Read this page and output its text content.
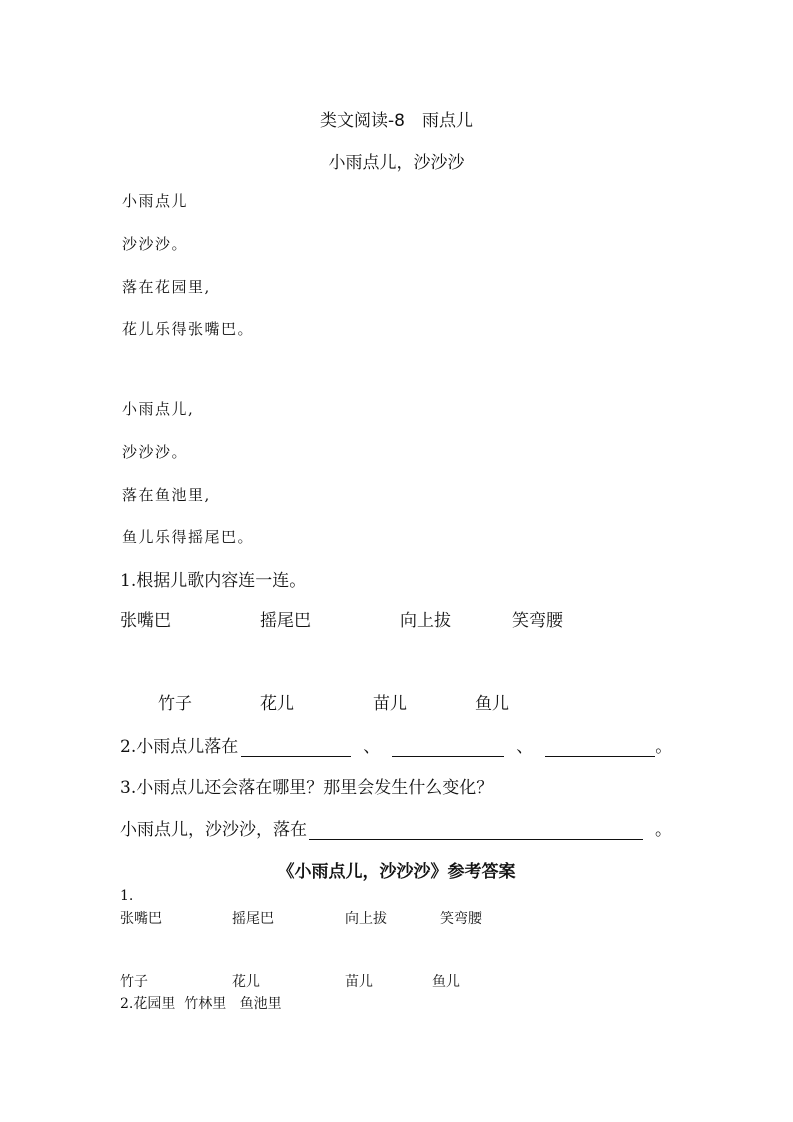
类文阅读-8　雨点儿
小雨点儿，沙沙沙
小雨点儿
沙沙沙。
落在花园里,
花儿乐得张嘴巴。
小雨点儿,
沙沙沙。
落在鱼池里,
鱼儿乐得摇尾巴。
1.根据儿歌内容连一连。
张嘴巴	摇尾巴	向上拔	笑弯腰
竹子	花儿	苗儿	鱼儿
2.小雨点儿落在	、	、	。
3.小雨点儿还会落在哪里？那里会发生什么变化？
小雨点儿，沙沙沙，落在	。
《小雨点儿，沙沙沙》参考答案
1.
张嘴巴	摇尾巴	向上拔	笑弯腰
竹子	花儿	苗儿	鱼儿
2.花园里  竹林里   鱼池里
